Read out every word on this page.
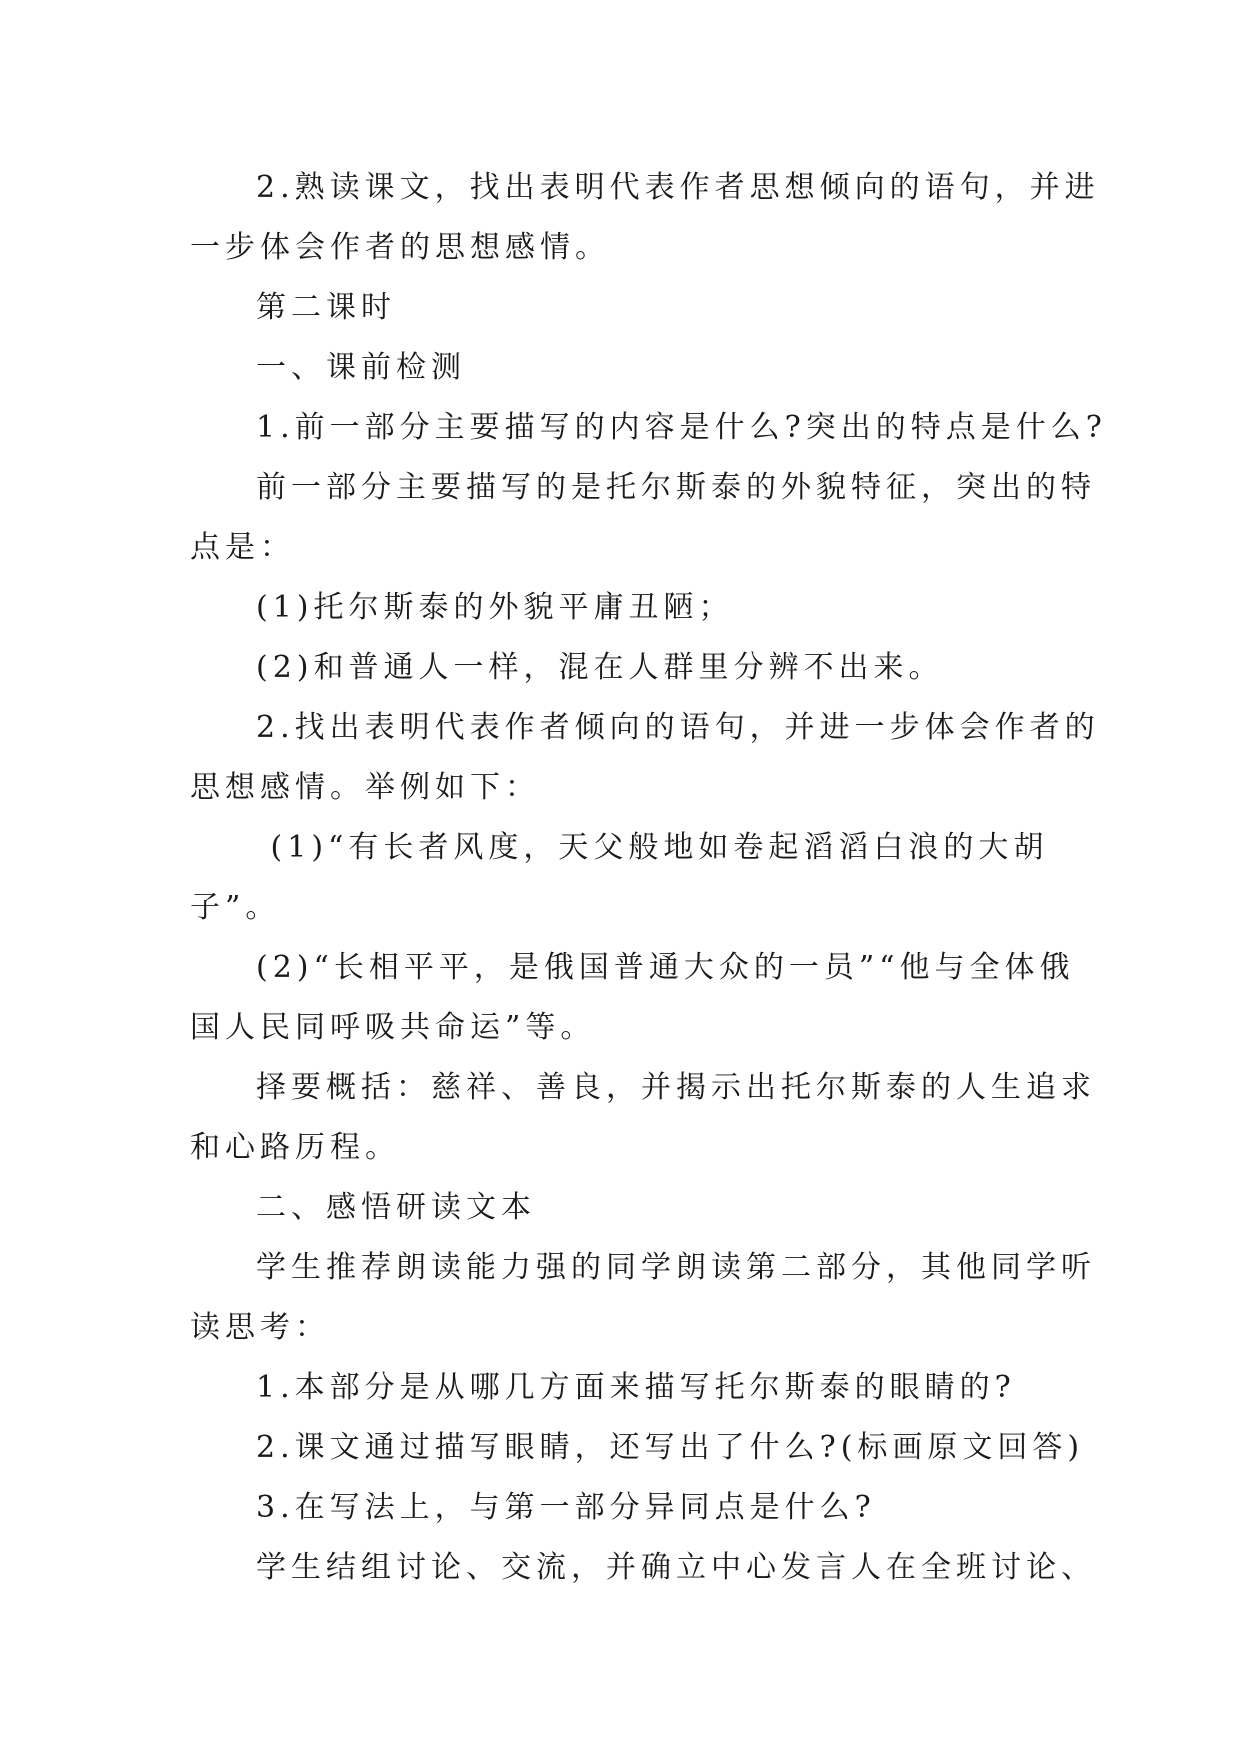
2.熟读课文，找出表明代表作者思想倾向的语句，并进
一步体会作者的思想感情。
第二课时
一、课前检测
1.前一部分主要描写的内容是什么?突出的特点是什么?
前一部分主要描写的是托尔斯泰的外貌特征，突出的特
点是：
(1)托尔斯泰的外貌平庸丑陋；
(2)和普通人一样，混在人群里分辨不出来。
2.找出表明代表作者倾向的语句，并进一步体会作者的
思想感情。举例如下：
(1)“有长者风度，天父般地如卷起滔滔白浪的大胡
子”。
(2)“长相平平，是俄国普通大众的一员”“他与全体俄
国人民同呼吸共命运”等。
择要概括：慈祥、善良，并揭示出托尔斯泰的人生追求
和心路历程。
二、感悟研读文本
学生推荐朗读能力强的同学朗读第二部分，其他同学听
读思考：
1.本部分是从哪几方面来描写托尔斯泰的眼睛的?
2.课文通过描写眼睛，还写出了什么?(标画原文回答)
3.在写法上，与第一部分异同点是什么?
学生结组讨论、交流，并确立中心发言人在全班讨论、
